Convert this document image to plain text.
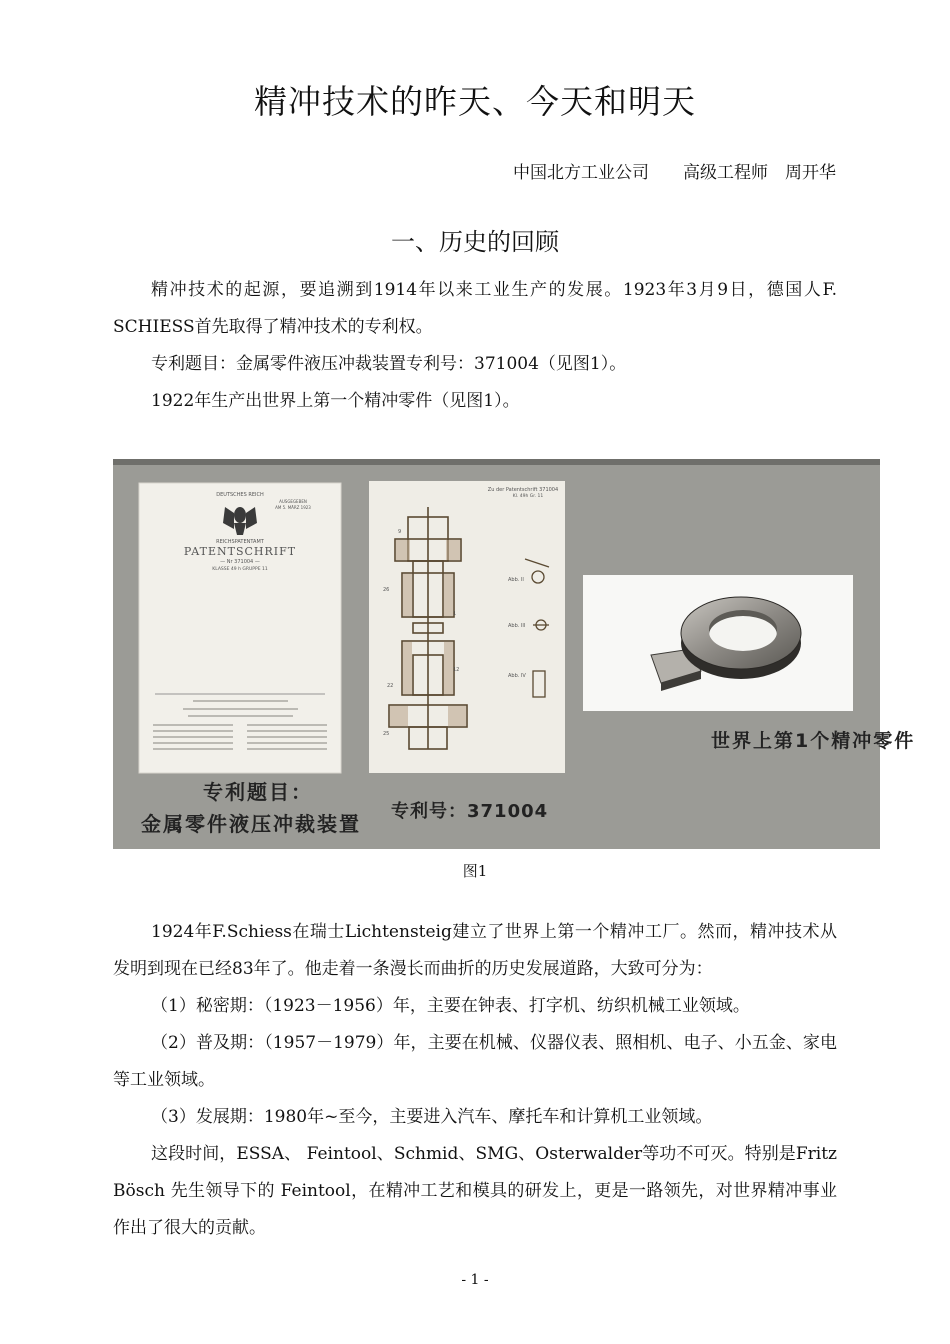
精冲技术的昨天、今天和明天
中国北方工业公司　　高级工程师　周开华
一、历史的回顾
精冲技术的起源，要追溯到1914年以来工业生产的发展。1923年3月9日，德国人F. SCHIESS首先取得了精冲技术的专利权。
专利题目：金属零件液压冲裁装置专利号：371004（见图1）。
1922年生产出世界上第一个精冲零件（见图1）。
DEUTSCHES REICH
AUSGEGEBEN
AM 5. MÄRZ 1923
REICHSPATENTAMT
PATENTSCHRIFT
— Nr 371004 —
KLASSE 49 h GRUPPE 11
Zu der Patentschrift 371004
Kl. 49h Gr. 11
9
26
22
1
12
25
Abb. II
Abb. III
Abb. IV
世界上第1个精冲零件
专利题目：
金属零件液压冲裁装置
专利号：371004
图1
1924年F.Schiess在瑞士Lichtensteig建立了世界上第一个精冲工厂。然而，精冲技术从发明到现在已经83年了。他走着一条漫长而曲折的历史发展道路，大致可分为：
（1）秘密期：（1923－1956）年，主要在钟表、打字机、纺织机械工业领域。
（2）普及期：（1957－1979）年，主要在机械、仪器仪表、照相机、电子、小五金、家电等工业领域。
（3）发展期：1980年~至今，主要进入汽车、摩托车和计算机工业领域。
这段时间，ESSA、 Feintool、Schmid、SMG、Osterwalder等功不可灭。特别是Fritz Bösch 先生领导下的 Feintool，在精冲工艺和模具的研发上，更是一路领先，对世界精冲事业作出了很大的贡献。
- 1 -
